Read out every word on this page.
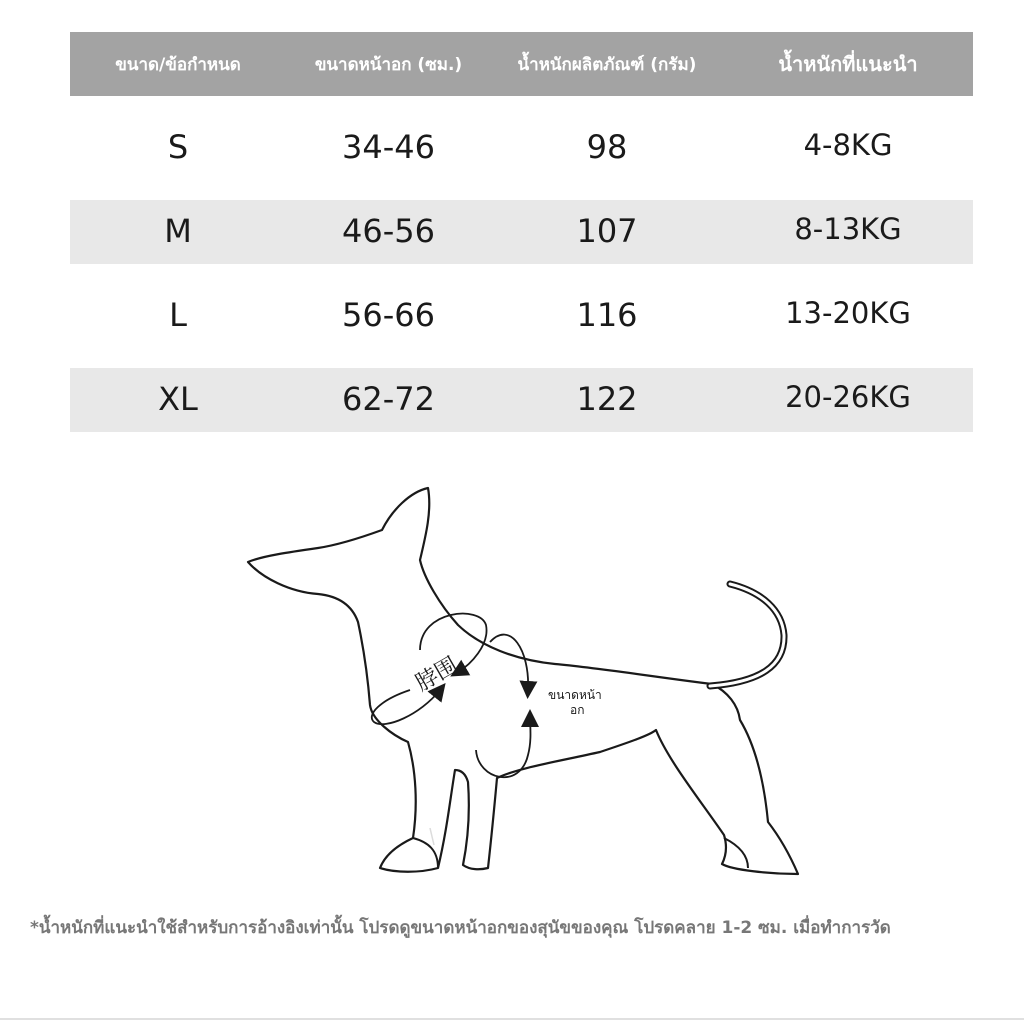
ขนาด/ข้อกำหนด	ขนาดหน้าอก (ซม.)	น้ำหนักผลิตภัณฑ์ (กรัม)	น้ำหนักที่แนะนำ
S	34-46	98	4-8KG
M	46-56	107	8-13KG
L	56-66	116	13-20KG
XL	62-72	122	20-26KG
脖围	ขนาดหน้า
อก
*น้ำหนักที่แนะนำใช้สำหรับการอ้างอิงเท่านั้น โปรดดูขนาดหน้าอกของสุนัขของคุณ โปรดคลาย 1-2 ซม. เมื่อทำการวัด
